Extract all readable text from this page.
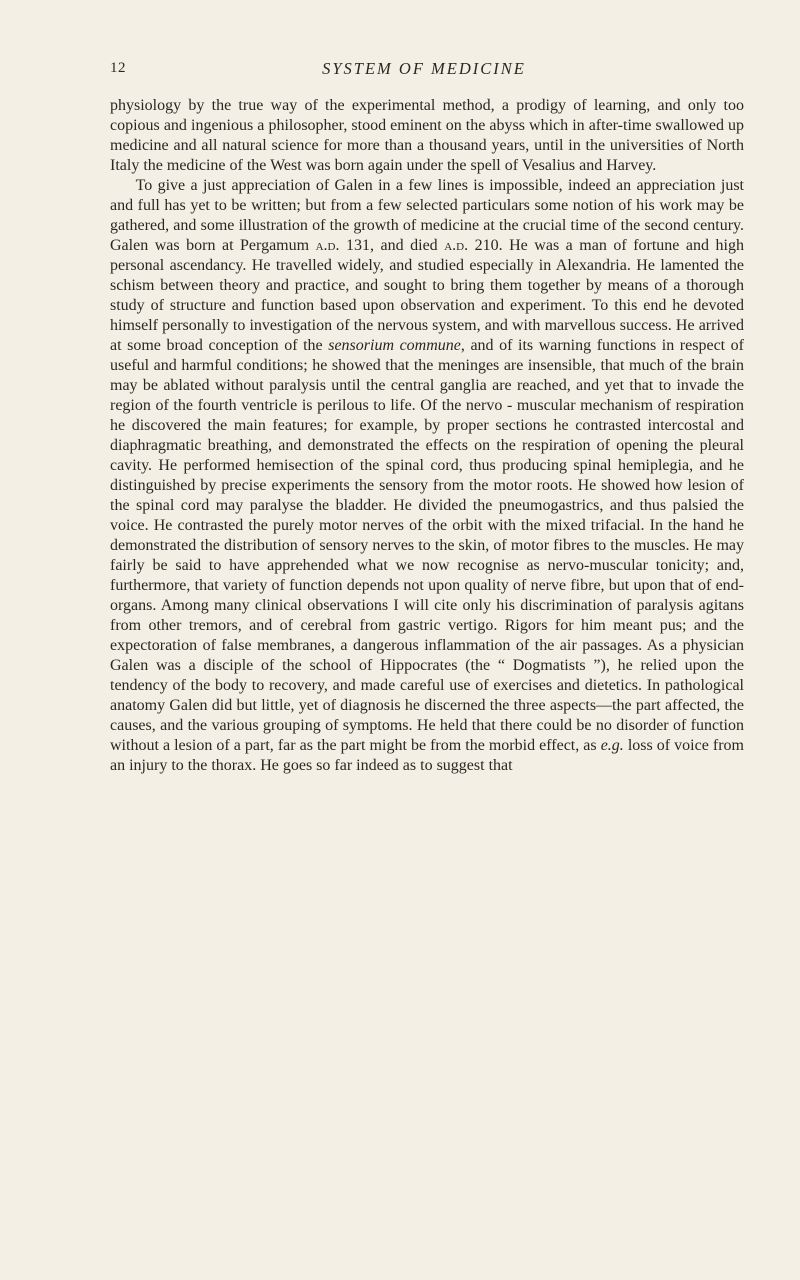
12	SYSTEM OF MEDICINE

physiology by the true way of the experimental method, a prodigy of learning, and only too copious and ingenious a philosopher, stood eminent on the abyss which in after-time swallowed up medicine and all natural science for more than a thousand years, until in the universities of North Italy the medicine of the West was born again under the spell of Vesalius and Harvey.

To give a just appreciation of Galen in a few lines is impossible, indeed an appreciation just and full has yet to be written; but from a few selected particulars some notion of his work may be gathered, and some illustration of the growth of medicine at the crucial time of the second century. Galen was born at Pergamum a.d. 131, and died a.d. 210. He was a man of fortune and high personal ascendancy. He travelled widely, and studied especially in Alexandria. He lamented the schism between theory and practice, and sought to bring them together by means of a thorough study of structure and function based upon observation and experiment. To this end he devoted himself personally to investigation of the nervous system, and with marvellous success. He arrived at some broad conception of the sensorium commune, and of its warning functions in respect of useful and harmful conditions; he showed that the meninges are insensible, that much of the brain may be ablated without paralysis until the central ganglia are reached, and yet that to invade the region of the fourth ventricle is perilous to life. Of the nervo - muscular mechanism of respiration he discovered the main features; for example, by proper sections he contrasted intercostal and diaphragmatic breathing, and demonstrated the effects on the respiration of opening the pleural cavity. He performed hemisection of the spinal cord, thus producing spinal hemiplegia, and he distinguished by precise experiments the sensory from the motor roots. He showed how lesion of the spinal cord may paralyse the bladder. He divided the pneumogastrics, and thus palsied the voice. He contrasted the purely motor nerves of the orbit with the mixed trifacial. In the hand he demonstrated the distribution of sensory nerves to the skin, of motor fibres to the muscles. He may fairly be said to have apprehended what we now recognise as nervo-muscular tonicity; and, furthermore, that variety of function depends not upon quality of nerve fibre, but upon that of end-organs. Among many clinical observations I will cite only his discrimination of paralysis agitans from other tremors, and of cerebral from gastric vertigo. Rigors for him meant pus; and the expectoration of false membranes, a dangerous inflammation of the air passages. As a physician Galen was a disciple of the school of Hippocrates (the “ Dogmatists ”), he relied upon the tendency of the body to recovery, and made careful use of exercises and dietetics. In pathological anatomy Galen did but little, yet of diagnosis he discerned the three aspects—the part affected, the causes, and the various grouping of symptoms. He held that there could be no disorder of function without a lesion of a part, far as the part might be from the morbid effect, as e.g. loss of voice from an injury to the thorax. He goes so far indeed as to suggest that
